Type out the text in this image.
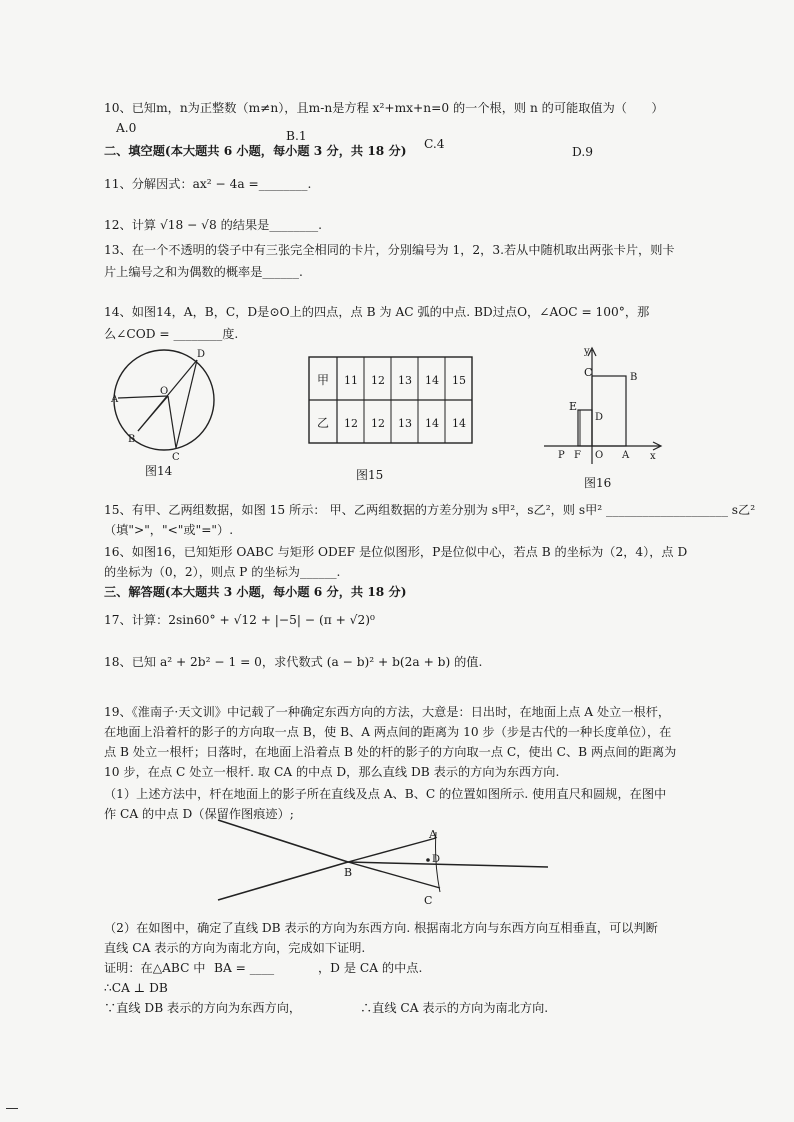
10、已知m，n为正整数（m≠n），且m-n是方程 x²+mx+n=0 的一个根，则 n 的可能取值为（　　）
A.0
B.1
C.4
D.9
二、填空题(本大题共 6 小题，每小题 3 分，共 18 分)
11、分解因式：ax² − 4a =________.
12、计算 √18 − √8 的结果是________.
13、在一个不透明的袋子中有三张完全相同的卡片，分别编号为 1，2，3.若从中随机取出两张卡片，则卡
片上编号之和为偶数的概率是______.
14、如图14，A，B，C，D是⊙O上的四点，点 B 为 AC 弧的中点. BD过点O，∠AOC = 100°，那
么∠COD = ________度.
A
O
B
C
D
图14
甲 11 12 13 14 15
乙 12 12 13 14 14
图15
y
C	B
E
D
P F O A x
图16
15、有甲、乙两组数据，如图 15 所示： 甲、乙两组数据的方差分别为 s甲²，s乙²，则 s甲² ____________________ s乙²
（填">"，"<"或"="）.
16、如图16，已知矩形 OABC 与矩形 ODEF 是位似图形，P是位似中心，若点 B 的坐标为（2，4），点 D
的坐标为（0，2），则点 P 的坐标为______.
三、解答题(本大题共 3 小题，每小题 6 分，共 18 分)
17、计算：2sin60° + √12 + |−5| − (π + √2)⁰
18、已知 a² + 2b² − 1 = 0，求代数式 (a − b)² + b(2a + b) 的值.
19、《淮南子·天文训》中记载了一种确定东西方向的方法，大意是：日出时，在地面上点 A 处立一根杆，
在地面上沿着杆的影子的方向取一点 B，使 B、A 两点间的距离为 10 步（步是古代的一种长度单位），在
点 B 处立一根杆；日落时，在地面上沿着点 B 处的杆的影子的方向取一点 C，使出 C、B 两点间的距离为
10 步，在点 C 处立一根杆. 取 CA 的中点 D，那么直线 DB 表示的方向为东西方向.
（1）上述方法中，杆在地面上的影子所在直线及点 A、B、C 的位置如图所示. 使用直尺和圆规，在图中
作 CA 的中点 D（保留作图痕迹）;
A
B
C
D
（2）在如图中，确定了直线 DB 表示的方向为东西方向. 根据南北方向与东西方向互相垂直，可以判断
直线 CA 表示的方向为南北方向，完成如下证明.
证明：在△ABC 中 BA = ____	，D 是 CA 的中点.
∴CA ⊥ DB
∵直线 DB 表示的方向为东西方向，	∴直线 CA 表示的方向为南北方向.
